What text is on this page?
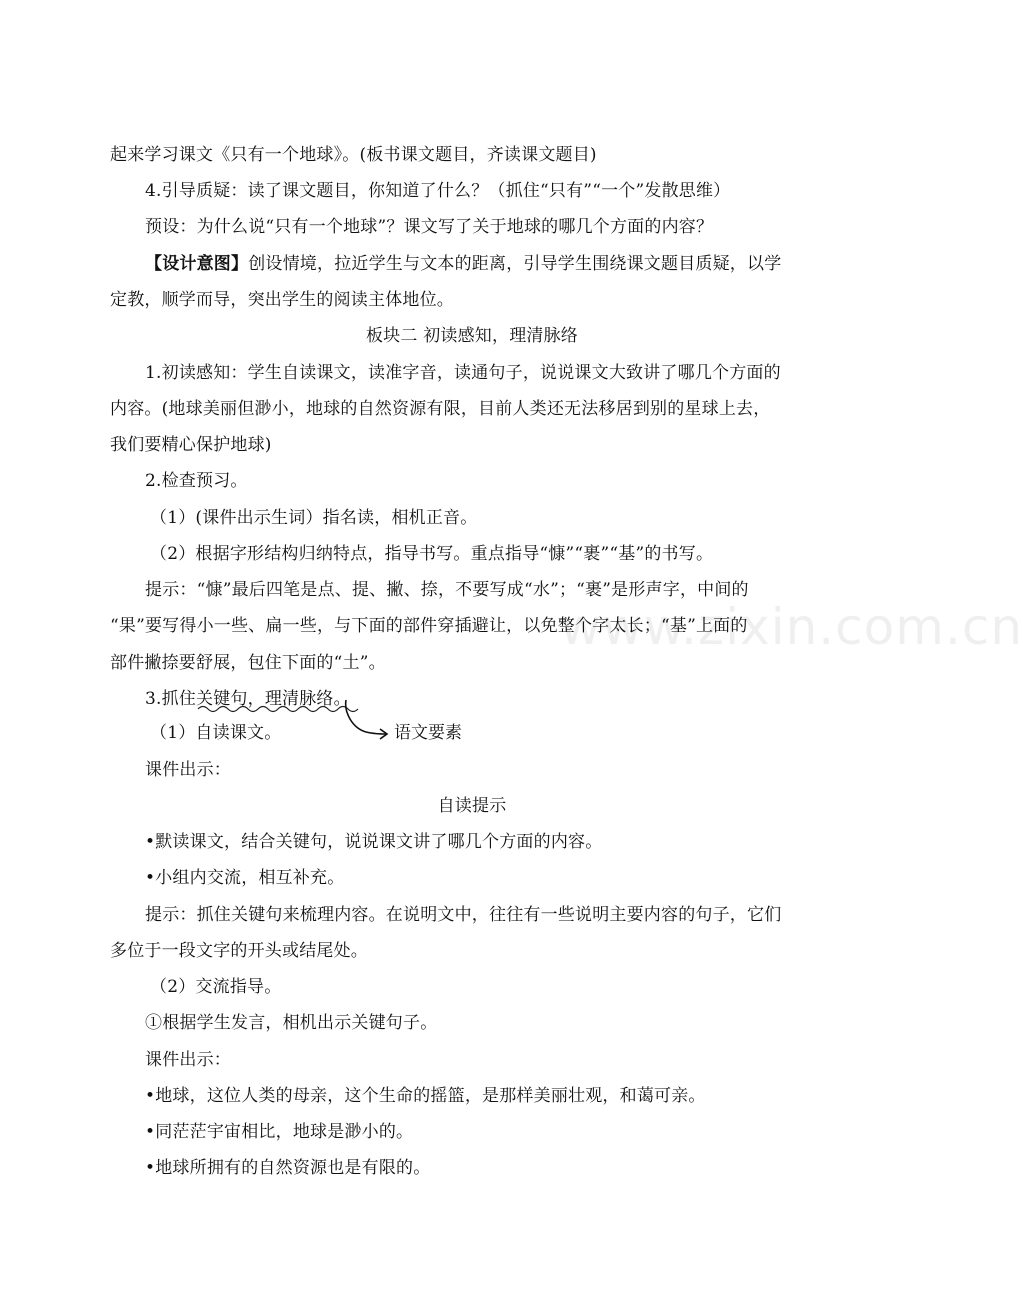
www.zixin.com.cn
起来学习课文《只有一个地球》。(板书课文题目，齐读课文题目)
4.引导质疑：读了课文题目，你知道了什么？（抓住“只有”“一个”发散思维）
预设：为什么说“只有一个地球”？课文写了关于地球的哪几个方面的内容？
【设计意图】创设情境，拉近学生与文本的距离，引导学生围绕课文题目质疑，以学
定教，顺学而导，突出学生的阅读主体地位。
板块二 初读感知，理清脉络
1.初读感知：学生自读课文，读准字音，读通句子，说说课文大致讲了哪几个方面的
内容。(地球美丽但渺小，地球的自然资源有限，目前人类还无法移居到别的星球上去，
我们要精心保护地球)
2.检查预习。
（1）(课件出示生词）指名读，相机正音。
（2）根据字形结构归纳特点，指导书写。重点指导“慷”“裹”“基”的书写。
提示：“慷”最后四笔是点、提、撇、捺，不要写成“水”；“裹”是形声字，中间的
“果”要写得小一些、扁一些，与下面的部件穿插避让，以免整个字太长；“基”上面的
部件撇捺要舒展，包住下面的“土”。
3.抓住关键句，理清脉络。
（1）自读课文。	语文要素
课件出示：
自读提示
•默读课文，结合关键句，说说课文讲了哪几个方面的内容。
•小组内交流，相互补充。
提示：抓住关键句来梳理内容。在说明文中，往往有一些说明主要内容的句子，它们
多位于一段文字的开头或结尾处。
（2）交流指导。
①根据学生发言，相机出示关键句子。
课件出示：
•地球，这位人类的母亲，这个生命的摇篮，是那样美丽壮观，和蔼可亲。
•同茫茫宇宙相比，地球是渺小的。
•地球所拥有的自然资源也是有限的。
